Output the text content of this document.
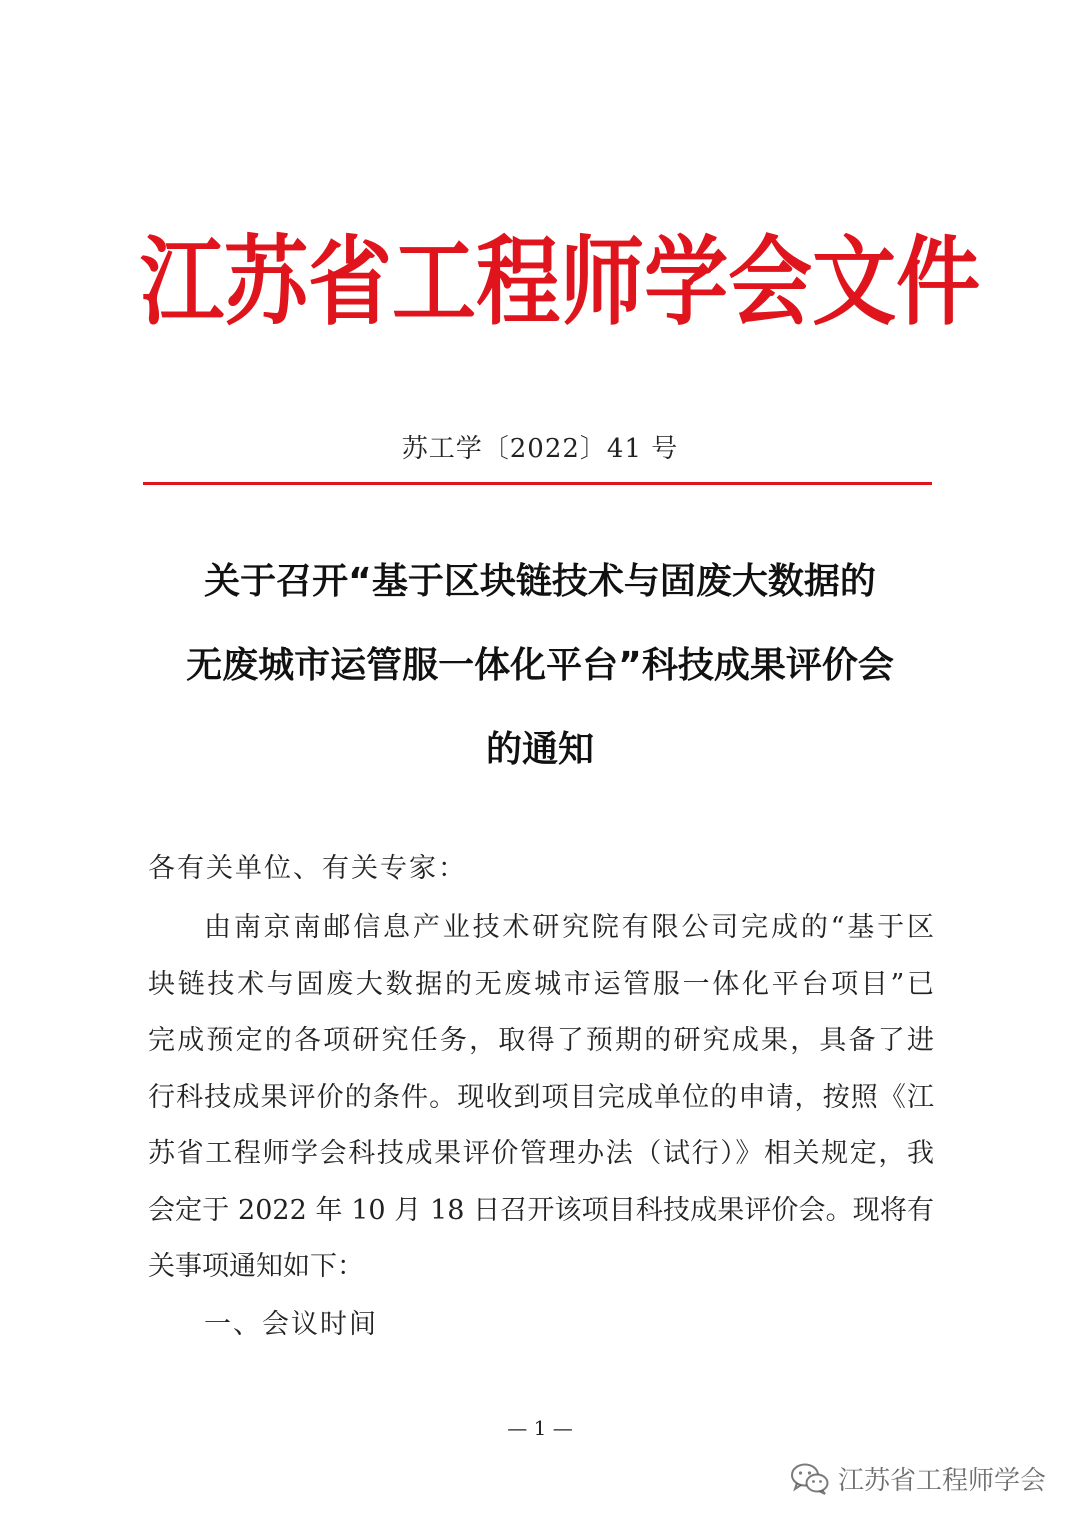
江 苏 省 工 程 师 学 会 文 件
苏工学〔2022〕41 号
关于召开“基于区块链技术与固废大数据的
无废城市运管服一体化平台”科技成果评价会
的通知
各有关单位、有关专家：
由南京南邮信息产业技术研究院有限公司完成的“基于区
块链技术与固废大数据的无废城市运管服一体化平台项目”已
完成预定的各项研究任务，取得了预期的研究成果，具备了进
行科技成果评价的条件。现收到项目完成单位的申请，按照《江
苏省工程师学会科技成果评价管理办法（试行）》相关规定，我
会定于 2022 年 10 月 18 日召开该项目科技成果评价会。现将有
关事项通知如下：
一、会议时间
— 1 —
江苏省工程师学会
